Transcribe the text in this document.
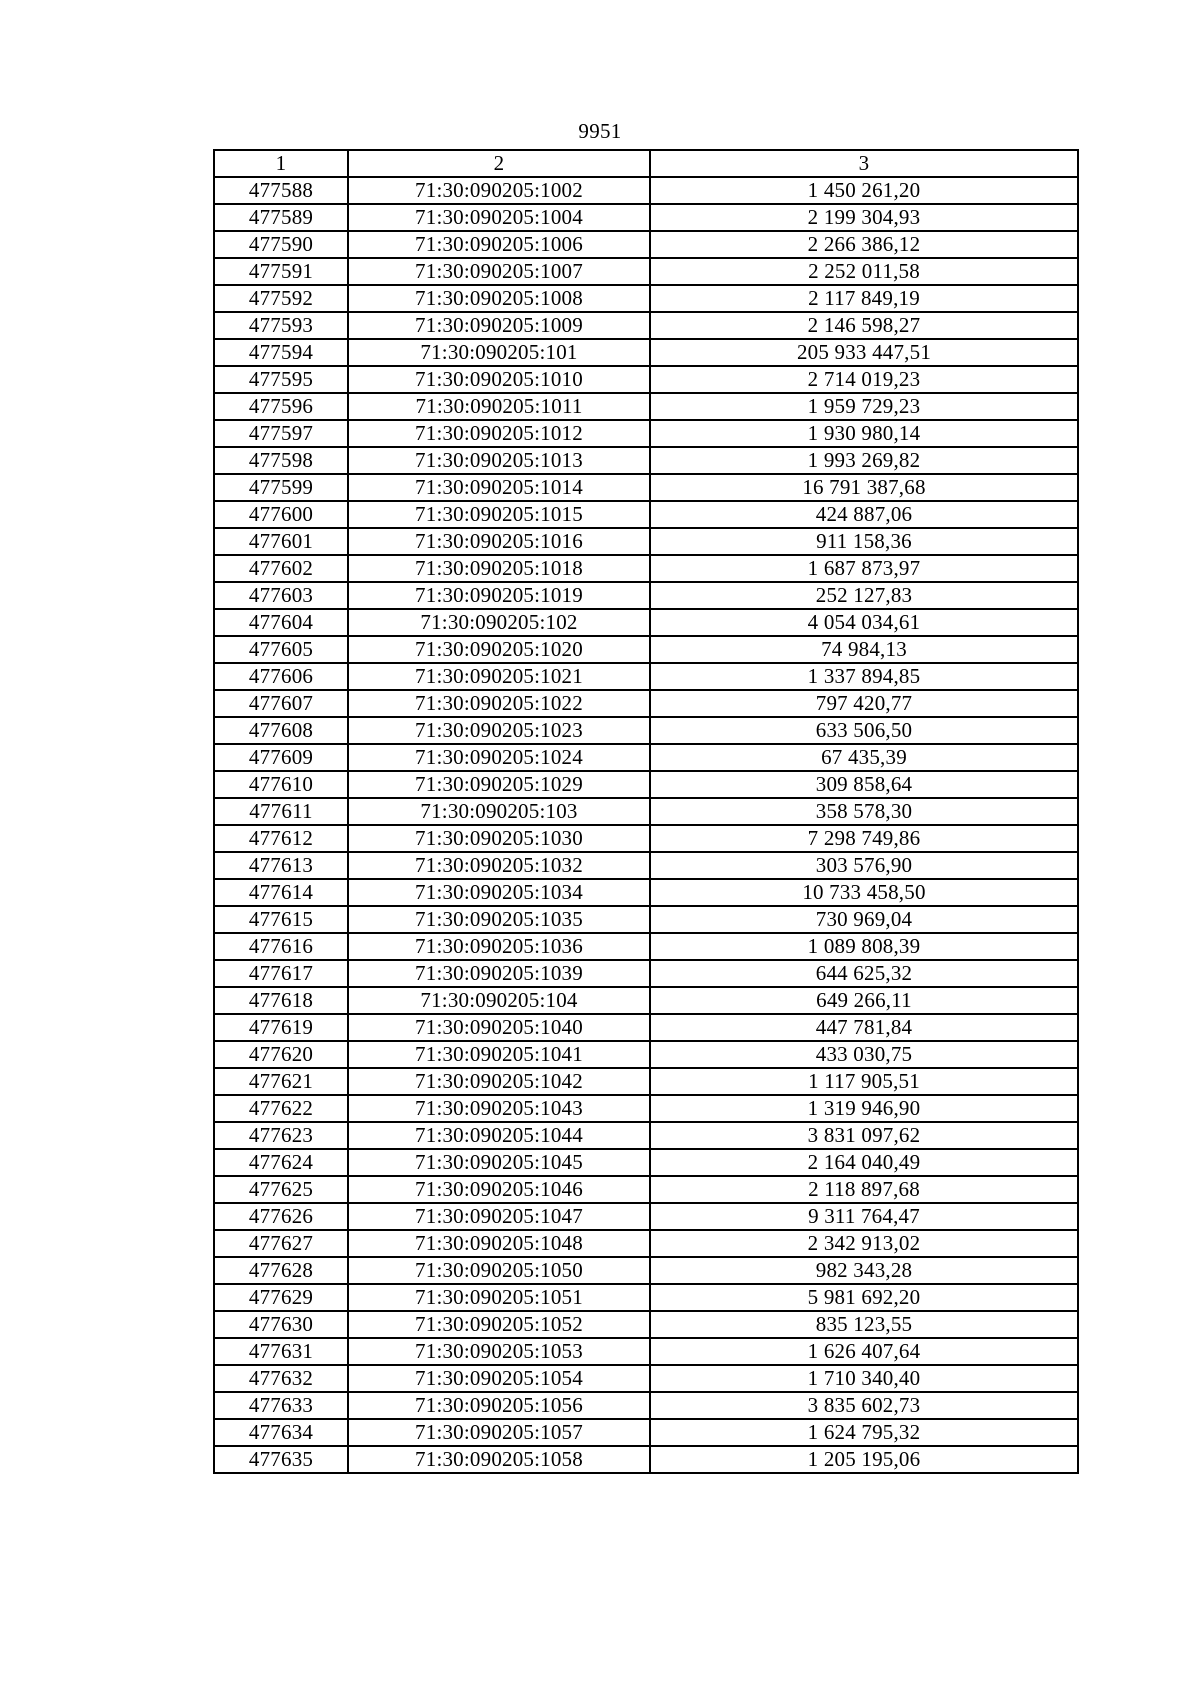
9951
1	2	3
477588	71:30:090205:1002	1 450 261,20
477589	71:30:090205:1004	2 199 304,93
477590	71:30:090205:1006	2 266 386,12
477591	71:30:090205:1007	2 252 011,58
477592	71:30:090205:1008	2 117 849,19
477593	71:30:090205:1009	2 146 598,27
477594	71:30:090205:101	205 933 447,51
477595	71:30:090205:1010	2 714 019,23
477596	71:30:090205:1011	1 959 729,23
477597	71:30:090205:1012	1 930 980,14
477598	71:30:090205:1013	1 993 269,82
477599	71:30:090205:1014	16 791 387,68
477600	71:30:090205:1015	424 887,06
477601	71:30:090205:1016	911 158,36
477602	71:30:090205:1018	1 687 873,97
477603	71:30:090205:1019	252 127,83
477604	71:30:090205:102	4 054 034,61
477605	71:30:090205:1020	74 984,13
477606	71:30:090205:1021	1 337 894,85
477607	71:30:090205:1022	797 420,77
477608	71:30:090205:1023	633 506,50
477609	71:30:090205:1024	67 435,39
477610	71:30:090205:1029	309 858,64
477611	71:30:090205:103	358 578,30
477612	71:30:090205:1030	7 298 749,86
477613	71:30:090205:1032	303 576,90
477614	71:30:090205:1034	10 733 458,50
477615	71:30:090205:1035	730 969,04
477616	71:30:090205:1036	1 089 808,39
477617	71:30:090205:1039	644 625,32
477618	71:30:090205:104	649 266,11
477619	71:30:090205:1040	447 781,84
477620	71:30:090205:1041	433 030,75
477621	71:30:090205:1042	1 117 905,51
477622	71:30:090205:1043	1 319 946,90
477623	71:30:090205:1044	3 831 097,62
477624	71:30:090205:1045	2 164 040,49
477625	71:30:090205:1046	2 118 897,68
477626	71:30:090205:1047	9 311 764,47
477627	71:30:090205:1048	2 342 913,02
477628	71:30:090205:1050	982 343,28
477629	71:30:090205:1051	5 981 692,20
477630	71:30:090205:1052	835 123,55
477631	71:30:090205:1053	1 626 407,64
477632	71:30:090205:1054	1 710 340,40
477633	71:30:090205:1056	3 835 602,73
477634	71:30:090205:1057	1 624 795,32
477635	71:30:090205:1058	1 205 195,06
